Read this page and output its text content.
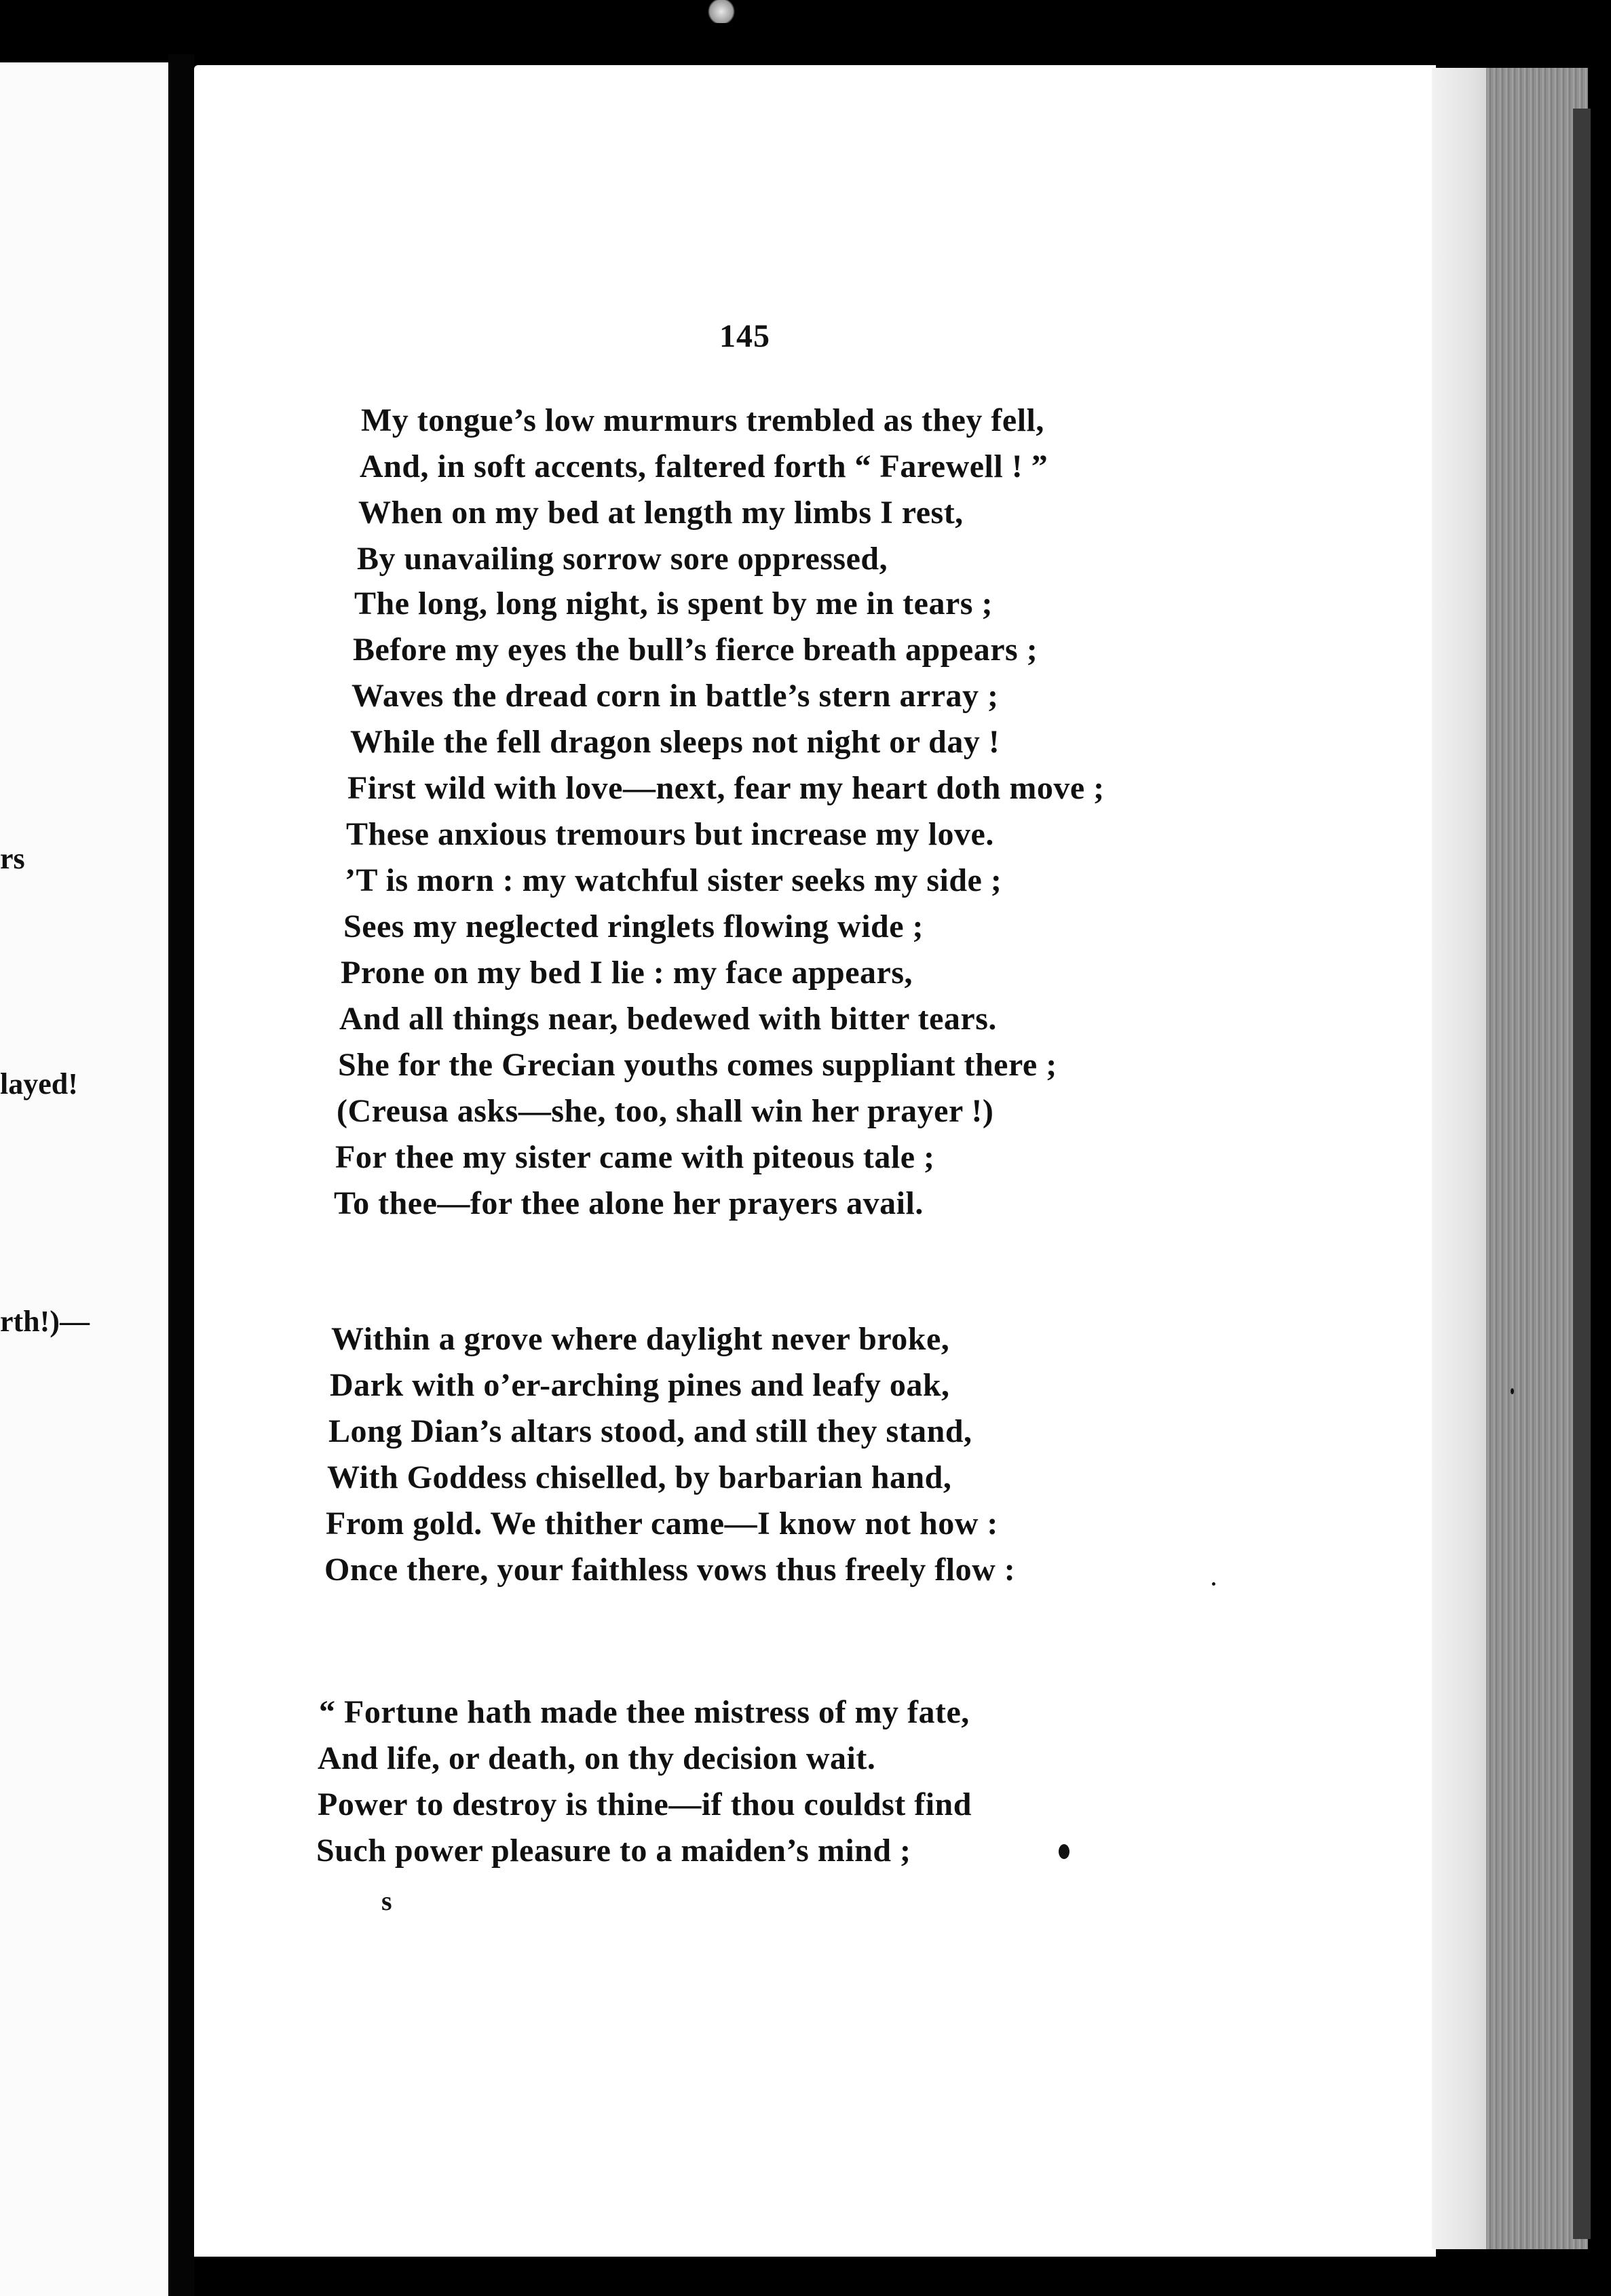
rs
layed!
rth!)—
145
My tongue’s low murmurs trembled as they fell,
And, in soft accents, faltered forth “ Farewell ! ”
When on my bed at length my limbs I rest,
By unavailing sorrow sore oppressed,
The long, long night, is spent by me in tears ;
Before my eyes the bull’s fierce breath appears ;
Waves the dread corn in battle’s stern array ;
While the fell dragon sleeps not night or day !
First wild with love—next, fear my heart doth move ;
These anxious tremours but increase my love.
’T is morn : my watchful sister seeks my side ;
Sees my neglected ringlets flowing wide ;
Prone on my bed I lie : my face appears,
And all things near, bedewed with bitter tears.
She for the Grecian youths comes suppliant there ;
(Creusa asks—she, too, shall win her prayer !)
For thee my sister came with piteous tale ;
To thee—for thee alone her prayers avail.
Within a grove where daylight never broke,
Dark with o’er-arching pines and leafy oak,
Long Dian’s altars stood, and still they stand,
With Goddess chiselled, by barbarian hand,
From gold. We thither came—I know not how :
Once there, your faithless vows thus freely flow :
“ Fortune hath made thee mistress of my fate,
And life, or death, on thy decision wait.
Power to destroy is thine—if thou couldst find
Such power pleasure to a maiden’s mind ;
s
